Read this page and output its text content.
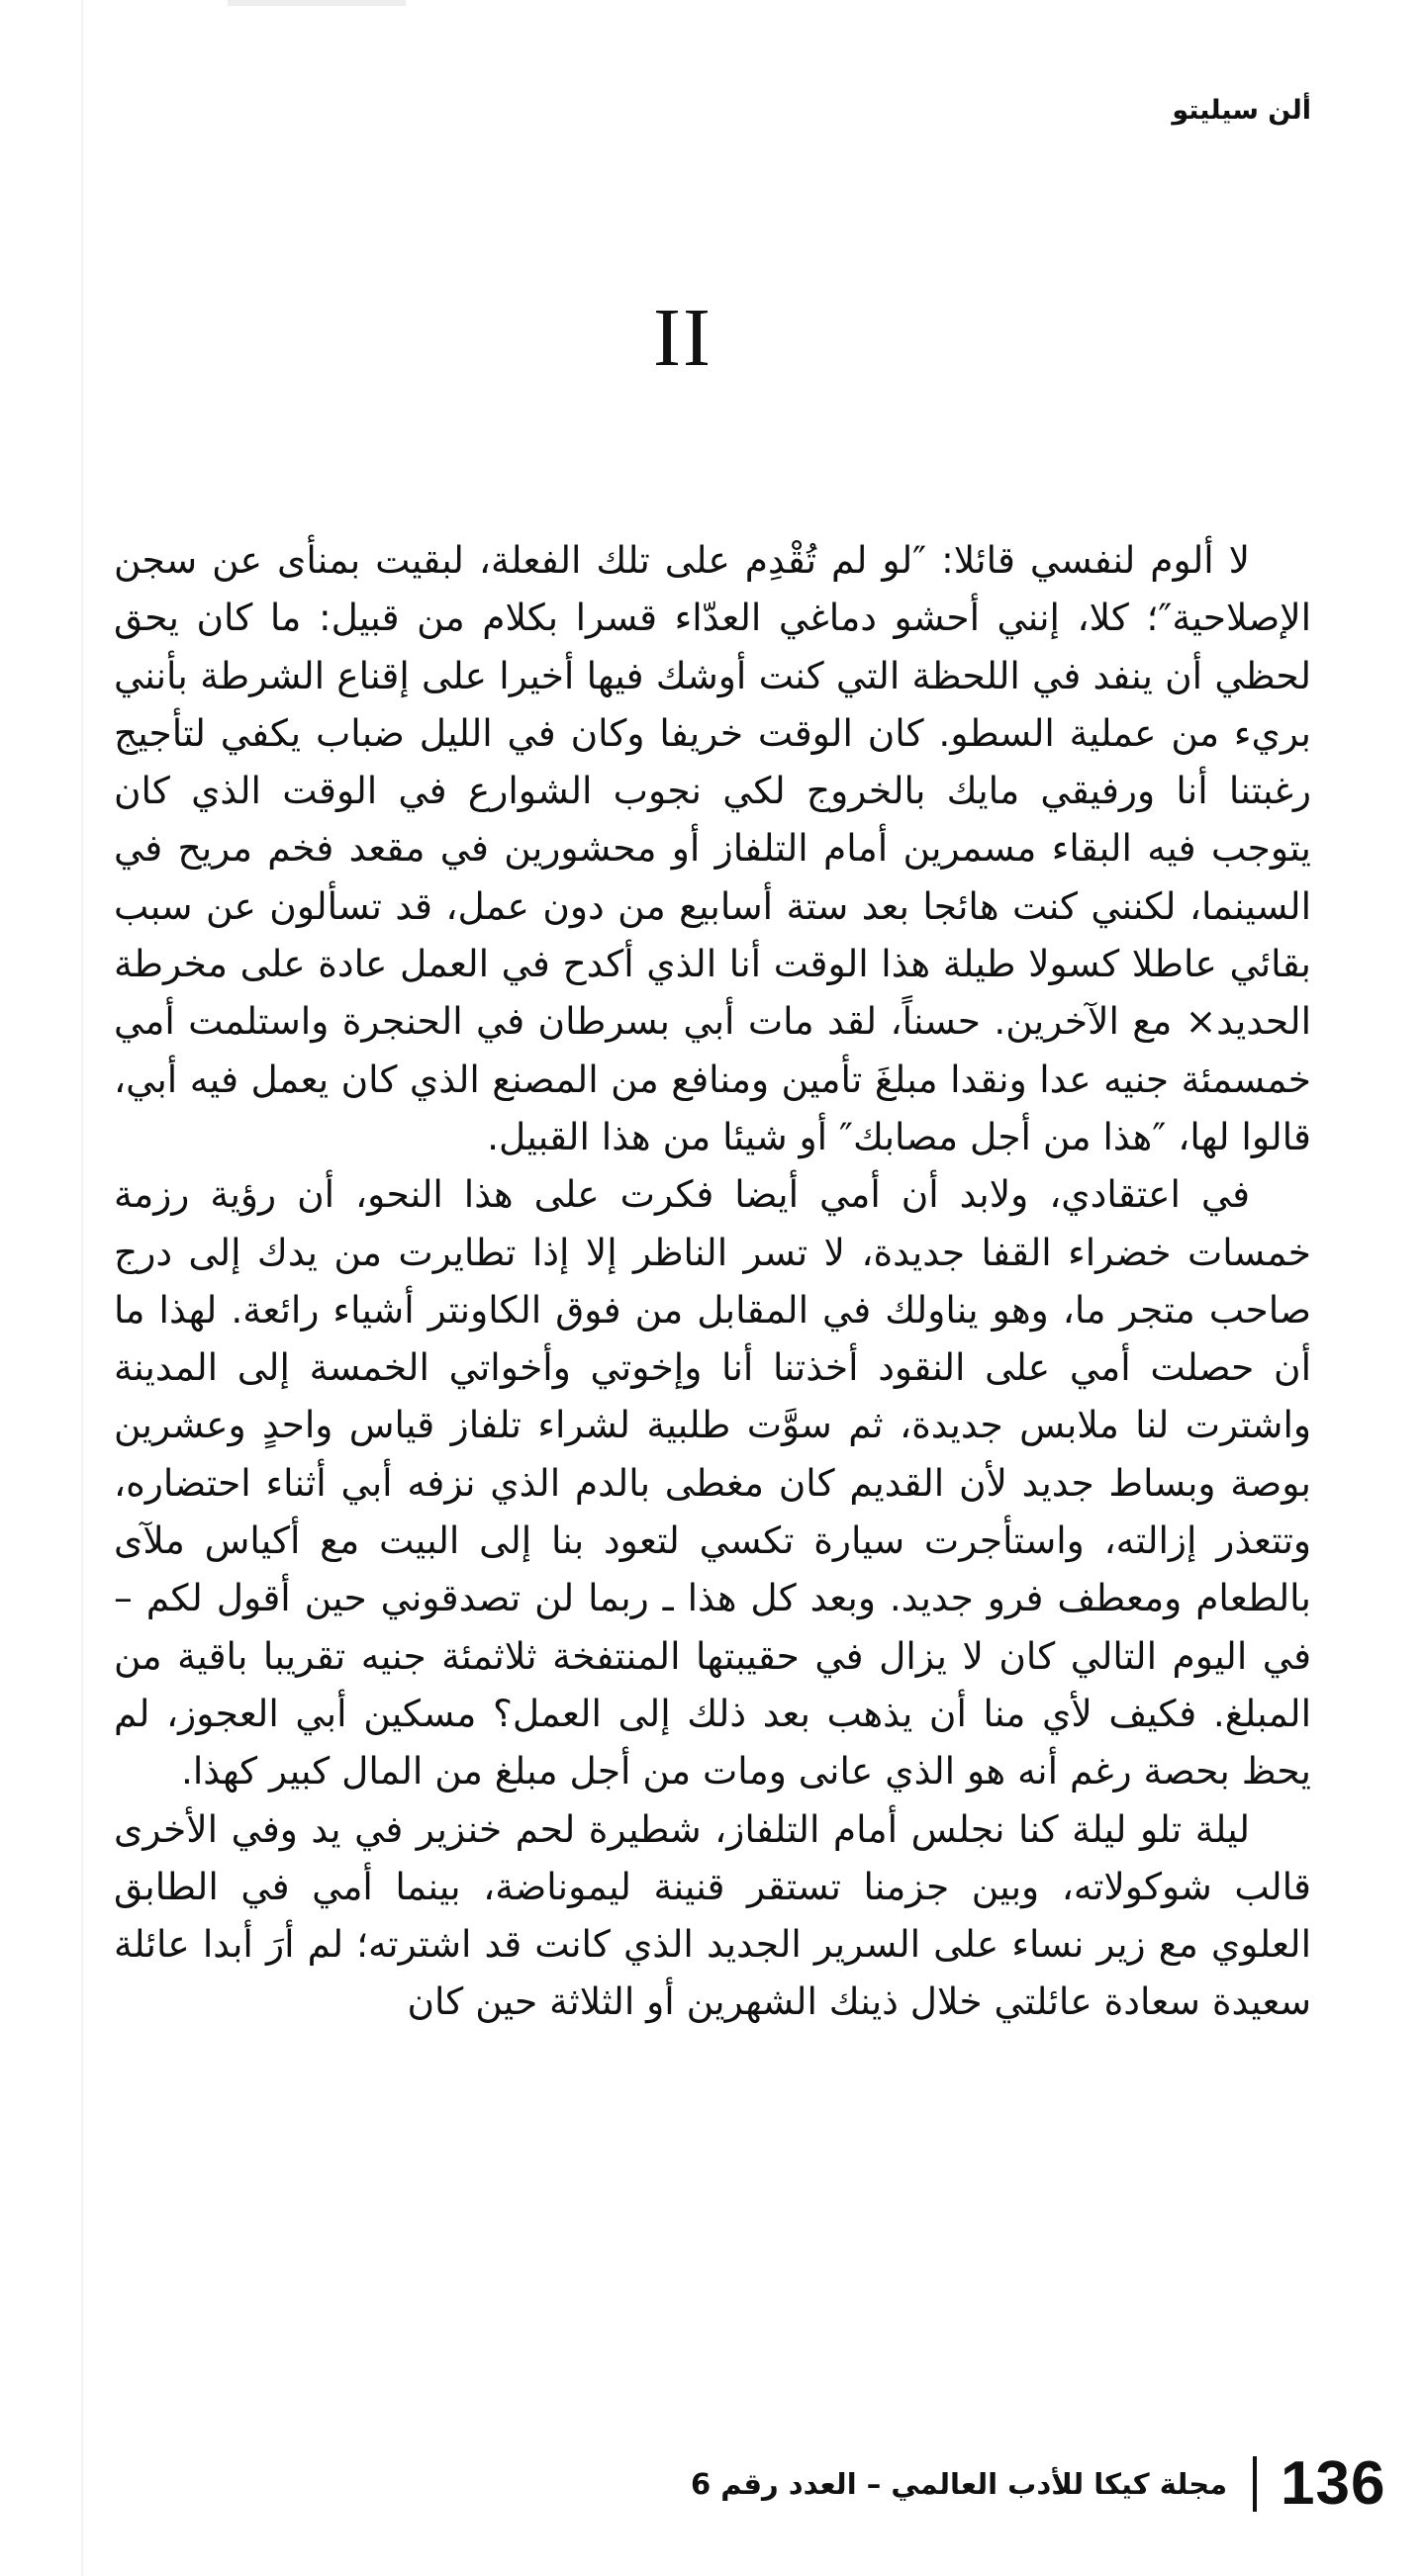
ألن سيليتو
II

لا ألوم لنفسي قائلا: ″لو لم تُقْدِم على تلك الفعلة، لبقيت بمنأى عن سجن الإصلاحية″؛ كلا، إنني أحشو دماغي العدّاء قسرا بكلام من قبيل: ما كان يحق لحظي أن ينفد في اللحظة التي كنت أوشك فيها أخيرا على إقناع الشرطة بأنني بريء من عملية السطو. كان الوقت خريفا وكان في الليل ضباب يكفي لتأجيج رغبتنا أنا ورفيقي مايك بالخروج لكي نجوب الشوارع في الوقت الذي كان يتوجب فيه البقاء مسمرين أمام التلفاز أو محشورين في مقعد فخم مريح في السينما، لكنني كنت هائجا بعد ستة أسابيع من دون عمل، قد تسألون عن سبب بقائي عاطلا كسولا طيلة هذا الوقت أنا الذي أكدح في العمل عادة على مخرطة الحديد× مع الآخرين. حسناً، لقد مات أبي بسرطان في الحنجرة واستلمت أمي خمسمئة جنيه عدا ونقدا مبلغَ تأمين ومنافع من المصنع الذي كان يعمل فيه أبي، قالوا لها، ″هذا من أجل مصابك″ أو شيئا من هذا القبيل.

في اعتقادي، ولابد أن أمي أيضا فكرت على هذا النحو، أن رؤية رزمة خمسات خضراء القفا جديدة، لا تسر الناظر إلا إذا تطايرت من يدك إلى درج صاحب متجر ما، وهو يناولك في المقابل من فوق الكاونتر أشياء رائعة. لهذا ما أن حصلت أمي على النقود أخذتنا أنا وإخوتي وأخواتي الخمسة إلى المدينة واشترت لنا ملابس جديدة، ثم سوَّت طلبية لشراء تلفاز قياس واحدٍ وعشرين بوصة وبساط جديد لأن القديم كان مغطى بالدم الذي نزفه أبي أثناء احتضاره، وتتعذر إزالته، واستأجرت سيارة تكسي لتعود بنا إلى البيت مع أكياس ملآى بالطعام ومعطف فرو جديد. وبعد كل هذا ـ ربما لن تصدقوني حين أقول لكم – في اليوم التالي كان لا يزال في حقيبتها المنتفخة ثلاثمئة جنيه تقريبا باقية من المبلغ. فكيف لأي منا أن يذهب بعد ذلك إلى العمل؟ مسكين أبي العجوز، لم يحظ بحصة رغم أنه هو الذي عانى ومات من أجل مبلغ من المال كبير كهذا.

ليلة تلو ليلة كنا نجلس أمام التلفاز، شطيرة لحم خنزير في يد وفي الأخرى قالب شوكولاته، وبين جزمنا تستقر قنينة ليموناضة، بينما أمي في الطابق العلوي مع زير نساء على السرير الجديد الذي كانت قد اشترته؛ لم أرَ أبدا عائلة سعيدة سعادة عائلتي خلال ذينك الشهرين أو الثلاثة حين كان

136
مجلة كيكا للأدب العالمي – العدد رقم 6
